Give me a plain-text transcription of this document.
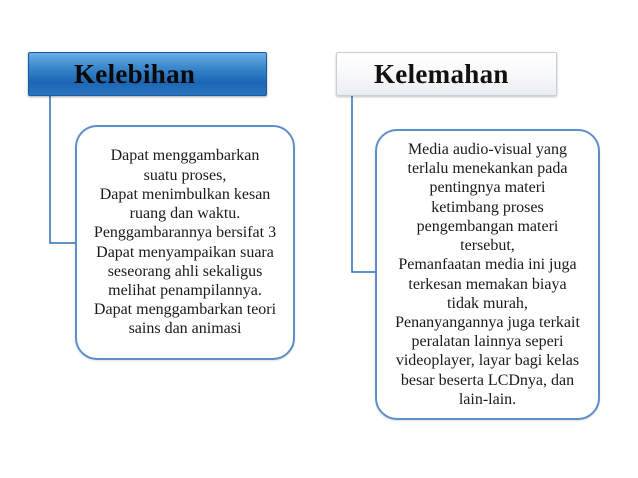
Kelebihan	Kelemahan
Dapat menggambarkan
suatu proses,
Dapat menimbulkan kesan
ruang dan waktu.
Penggambarannya bersifat 3
Dapat menyampaikan suara
seseorang ahli sekaligus
melihat penampilannya.
Dapat menggambarkan teori
sains dan animasi
Media audio-visual yang
terlalu menekankan pada
pentingnya materi
ketimbang proses
pengembangan materi
tersebut,
Pemanfaatan media ini juga
terkesan memakan biaya
tidak murah,
Penanyangannya juga terkait
peralatan lainnya seperi
videoplayer, layar bagi kelas
besar beserta LCDnya, dan
lain-lain.
